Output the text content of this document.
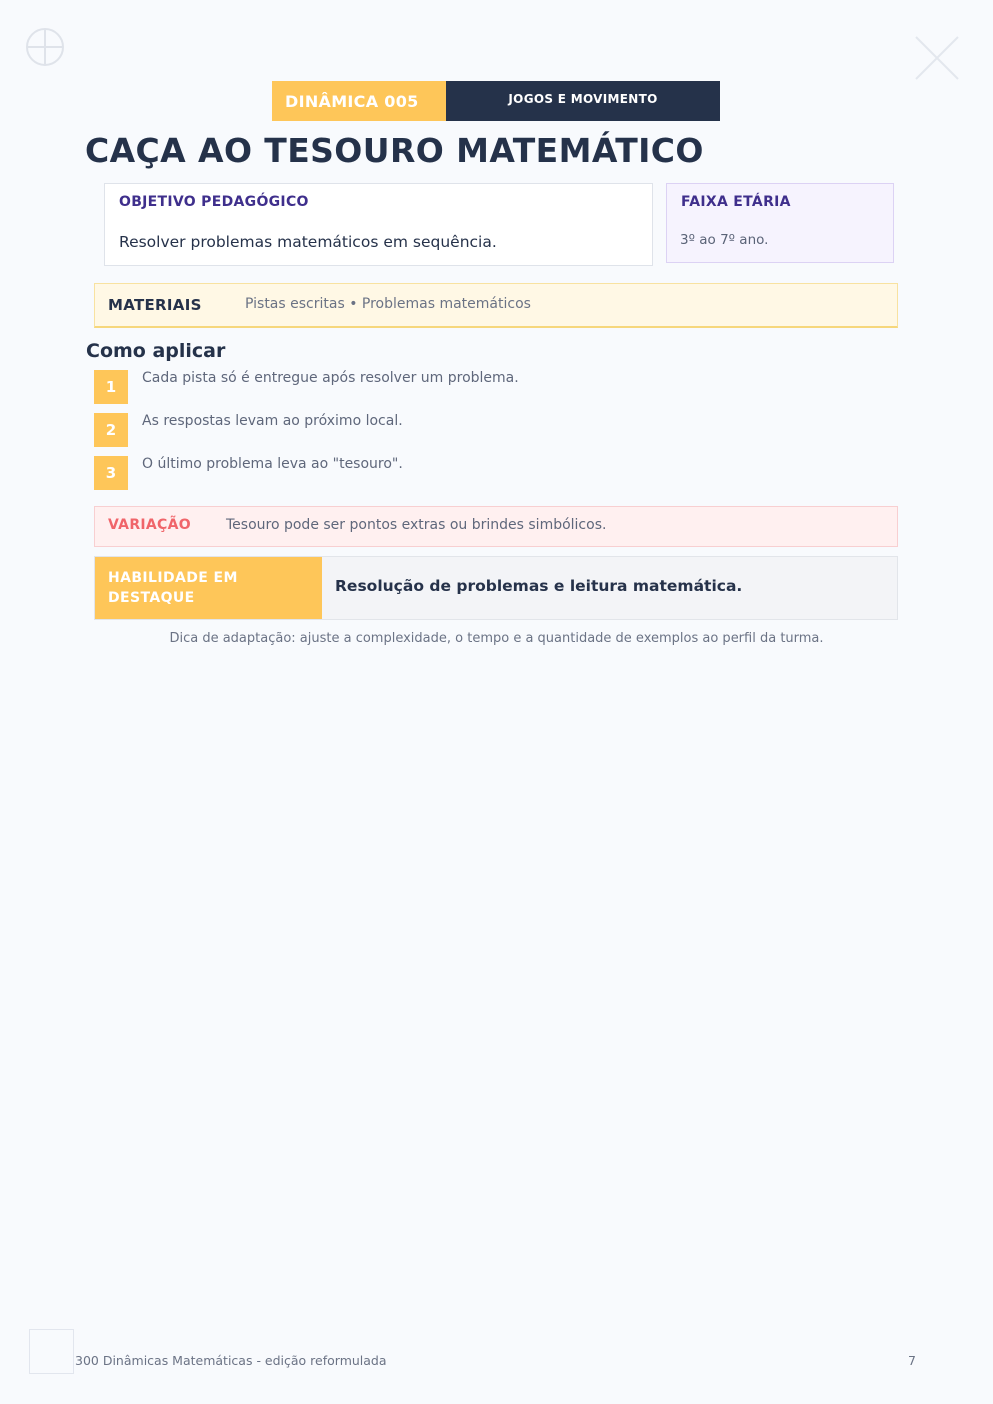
DINÂMICA 005	JOGOS E MOVIMENTO
CAÇA AO TESOURO MATEMÁTICO
OBJETIVO PEDAGÓGICO
Resolver problemas matemáticos em sequência.
FAIXA ETÁRIA
3º ao 7º ano.
MATERIAIS	Pistas escritas • Problemas matemáticos
Como aplicar
1	Cada pista só é entregue após resolver um problema.
2	As respostas levam ao próximo local.
3	O último problema leva ao "tesouro".
VARIAÇÃO	Tesouro pode ser pontos extras ou brindes simbólicos.
HABILIDADE EM DESTAQUE
Resolução de problemas e leitura matemática.
Dica de adaptação: ajuste a complexidade, o tempo e a quantidade de exemplos ao perfil da turma.
300 Dinâmicas Matemáticas - edição reformulada	7
